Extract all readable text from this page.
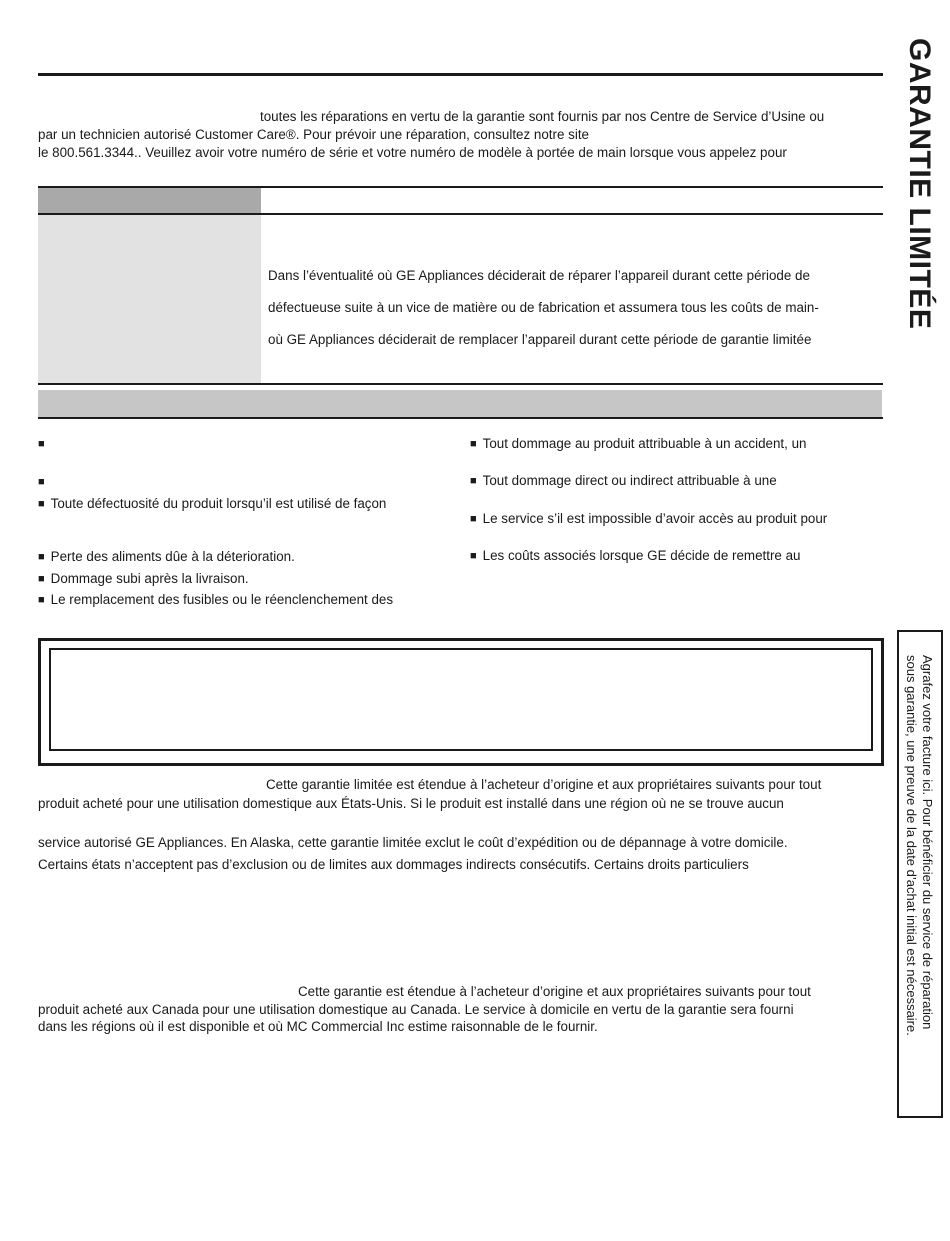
GARANTIE LIMITÉE
toutes les réparations en vertu de la garantie sont fournis par nos Centre de Service d’Usine ou
par un technicien autorisé Customer Care®. Pour prévoir une réparation, consultez notre site
le 800.561.3344.. Veuillez avoir votre numéro de série et votre numéro de modèle à portée de main lorsque vous appelez pour
Dans l’éventualité où GE Appliances déciderait de réparer l’appareil durant cette période de
défectueuse suite à un vice de matière ou de fabrication et assumera tous les coûts de main-
où GE Appliances déciderait de remplacer l’appareil durant cette période de garantie limitée
■
■
■ Toute défectuosité du produit lorsqu’il est utilisé de façon
■ Perte des aliments dûe à la déterioration.
■ Dommage subi après la livraison.
■ Le remplacement des fusibles ou le réenclenchement des
■ Tout dommage au produit attribuable à un accident, un
■ Tout dommage direct ou indirect attribuable à une
■ Le service s’il est impossible d’avoir accès au produit pour
■ Les coûts associés lorsque GE décide de remettre au
Cette garantie limitée est étendue à l’acheteur d’origine et aux propriétaires suivants pour tout
produit acheté pour une utilisation domestique aux États-Unis. Si le produit est installé dans une région où ne se trouve aucun
service autorisé GE Appliances. En Alaska, cette garantie limitée exclut le coût d’expédition ou de dépannage à votre domicile.
Certains états n’acceptent pas d’exclusion ou de limites aux dommages indirects consécutifs. Certains droits particuliers
Cette garantie est étendue à l’acheteur d’origine et aux propriétaires suivants pour tout
produit acheté aux Canada pour une utilisation domestique au Canada. Le service à domicile en vertu de la garantie sera fourni
dans les régions où il est disponible et où MC Commercial Inc estime raisonnable de le fournir.	Agrafez votre facture ici. Pour bénéficier du service de réparation
sous garantie, une preuve de la date d’achat initial est nécessaire.
